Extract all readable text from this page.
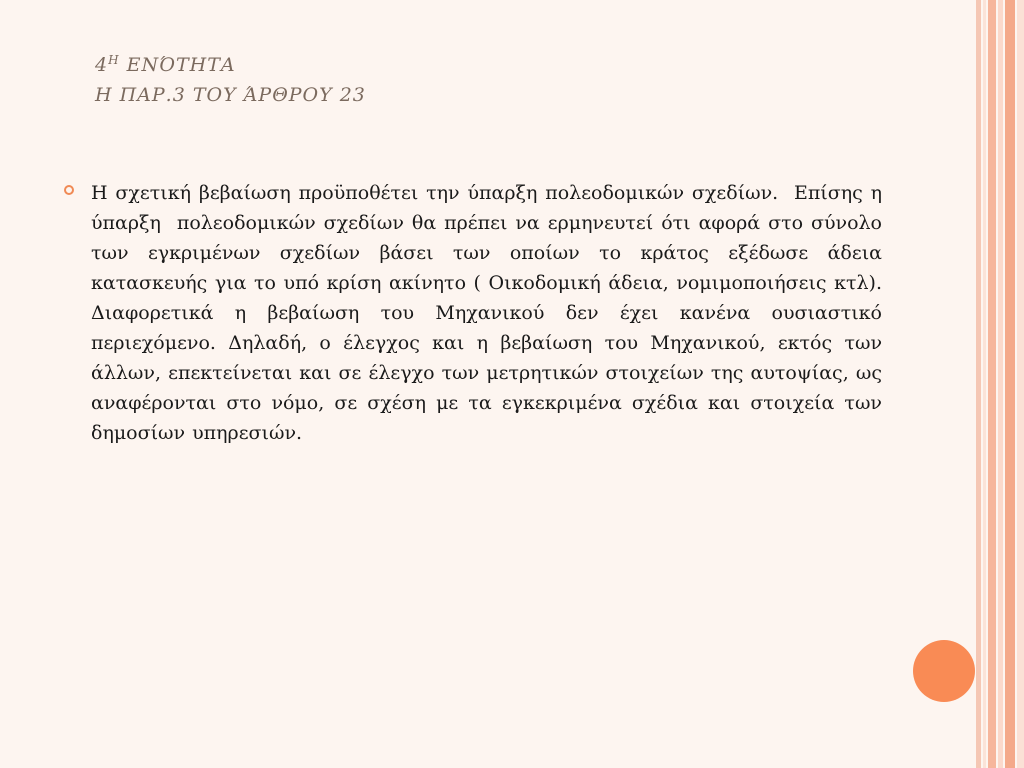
$4^H$ ΕΝΌΤΗΤΑ
Η ΠΑΡ.3 ΤΟΥ ΆΡΘΡΟΥ 23

Η σχετική βεβαίωση προϋποθέτει την ύπαρξη πολεοδομικών σχεδίων.  Επίσης η ύπαρξη  πολεοδομικών σχεδίων θα πρέπει να ερμηνευτεί ότι αφορά στο σύνολο των εγκριμένων σχεδίων βάσει των οποίων το κράτος εξέδωσε άδεια κατασκευής για το υπό κρίση ακίνητο ( Οικοδομική άδεια, νομιμοποιήσεις κτλ).  Διαφορετικά η βεβαίωση του Μηχανικού δεν έχει κανένα ουσιαστικό περιεχόμενο. Δηλαδή, ο έλεγχος και η βεβαίωση του Μηχανικού, εκτός των άλλων, επεκτείνεται και σε έλεγχο των μετρητικών στοιχείων της αυτοψίας, ως αναφέρονται στο νόμο, σε σχέση με τα εγκεκριμένα σχέδια και στοιχεία των δημοσίων υπηρεσιών.
